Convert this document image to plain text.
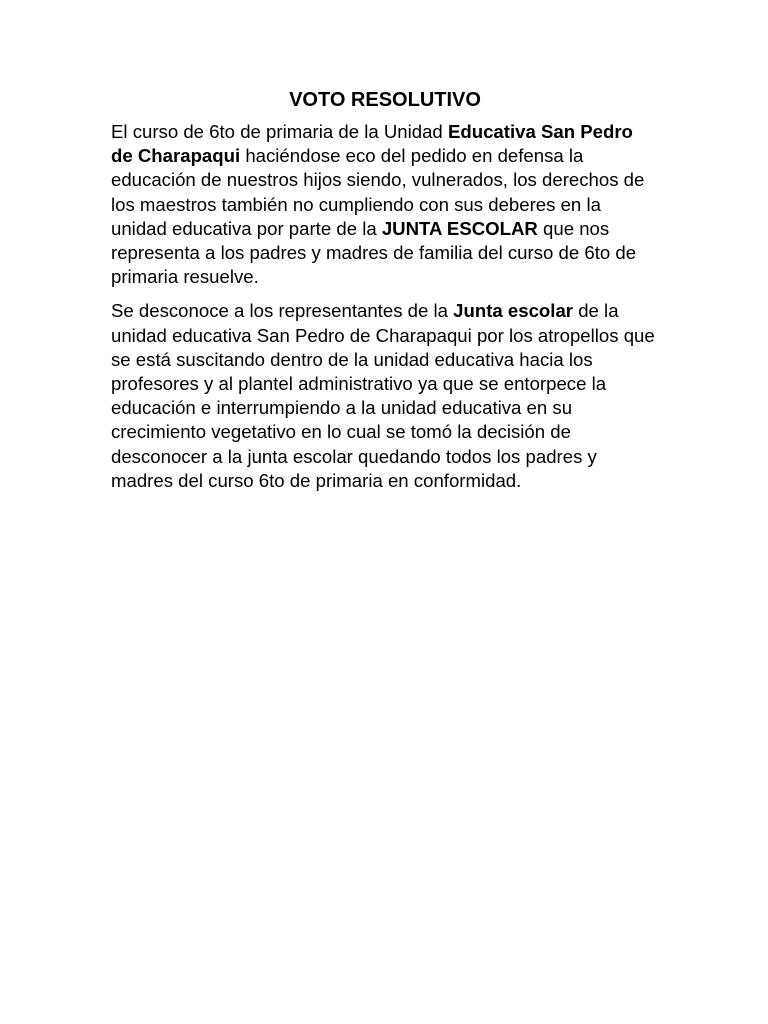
VOTO RESOLUTIVO

El curso de 6to de primaria de la Unidad Educativa San Pedro de Charapaqui haciéndose eco del pedido en defensa la educación de nuestros hijos siendo, vulnerados, los derechos de los maestros también no cumpliendo con sus deberes en la unidad educativa por parte de la JUNTA ESCOLAR que nos representa a los padres y madres de familia del curso de 6to de primaria resuelve.

Se desconoce a los representantes de la Junta escolar de la unidad educativa San Pedro de Charapaqui por los atropellos que se está suscitando dentro de la unidad educativa hacia los profesores y al plantel administrativo ya que se entorpece la educación e interrumpiendo a la unidad educativa en su crecimiento vegetativo en lo cual se tomó la decisión de desconocer a la junta escolar quedando todos los padres y madres del curso 6to de primaria en conformidad.
